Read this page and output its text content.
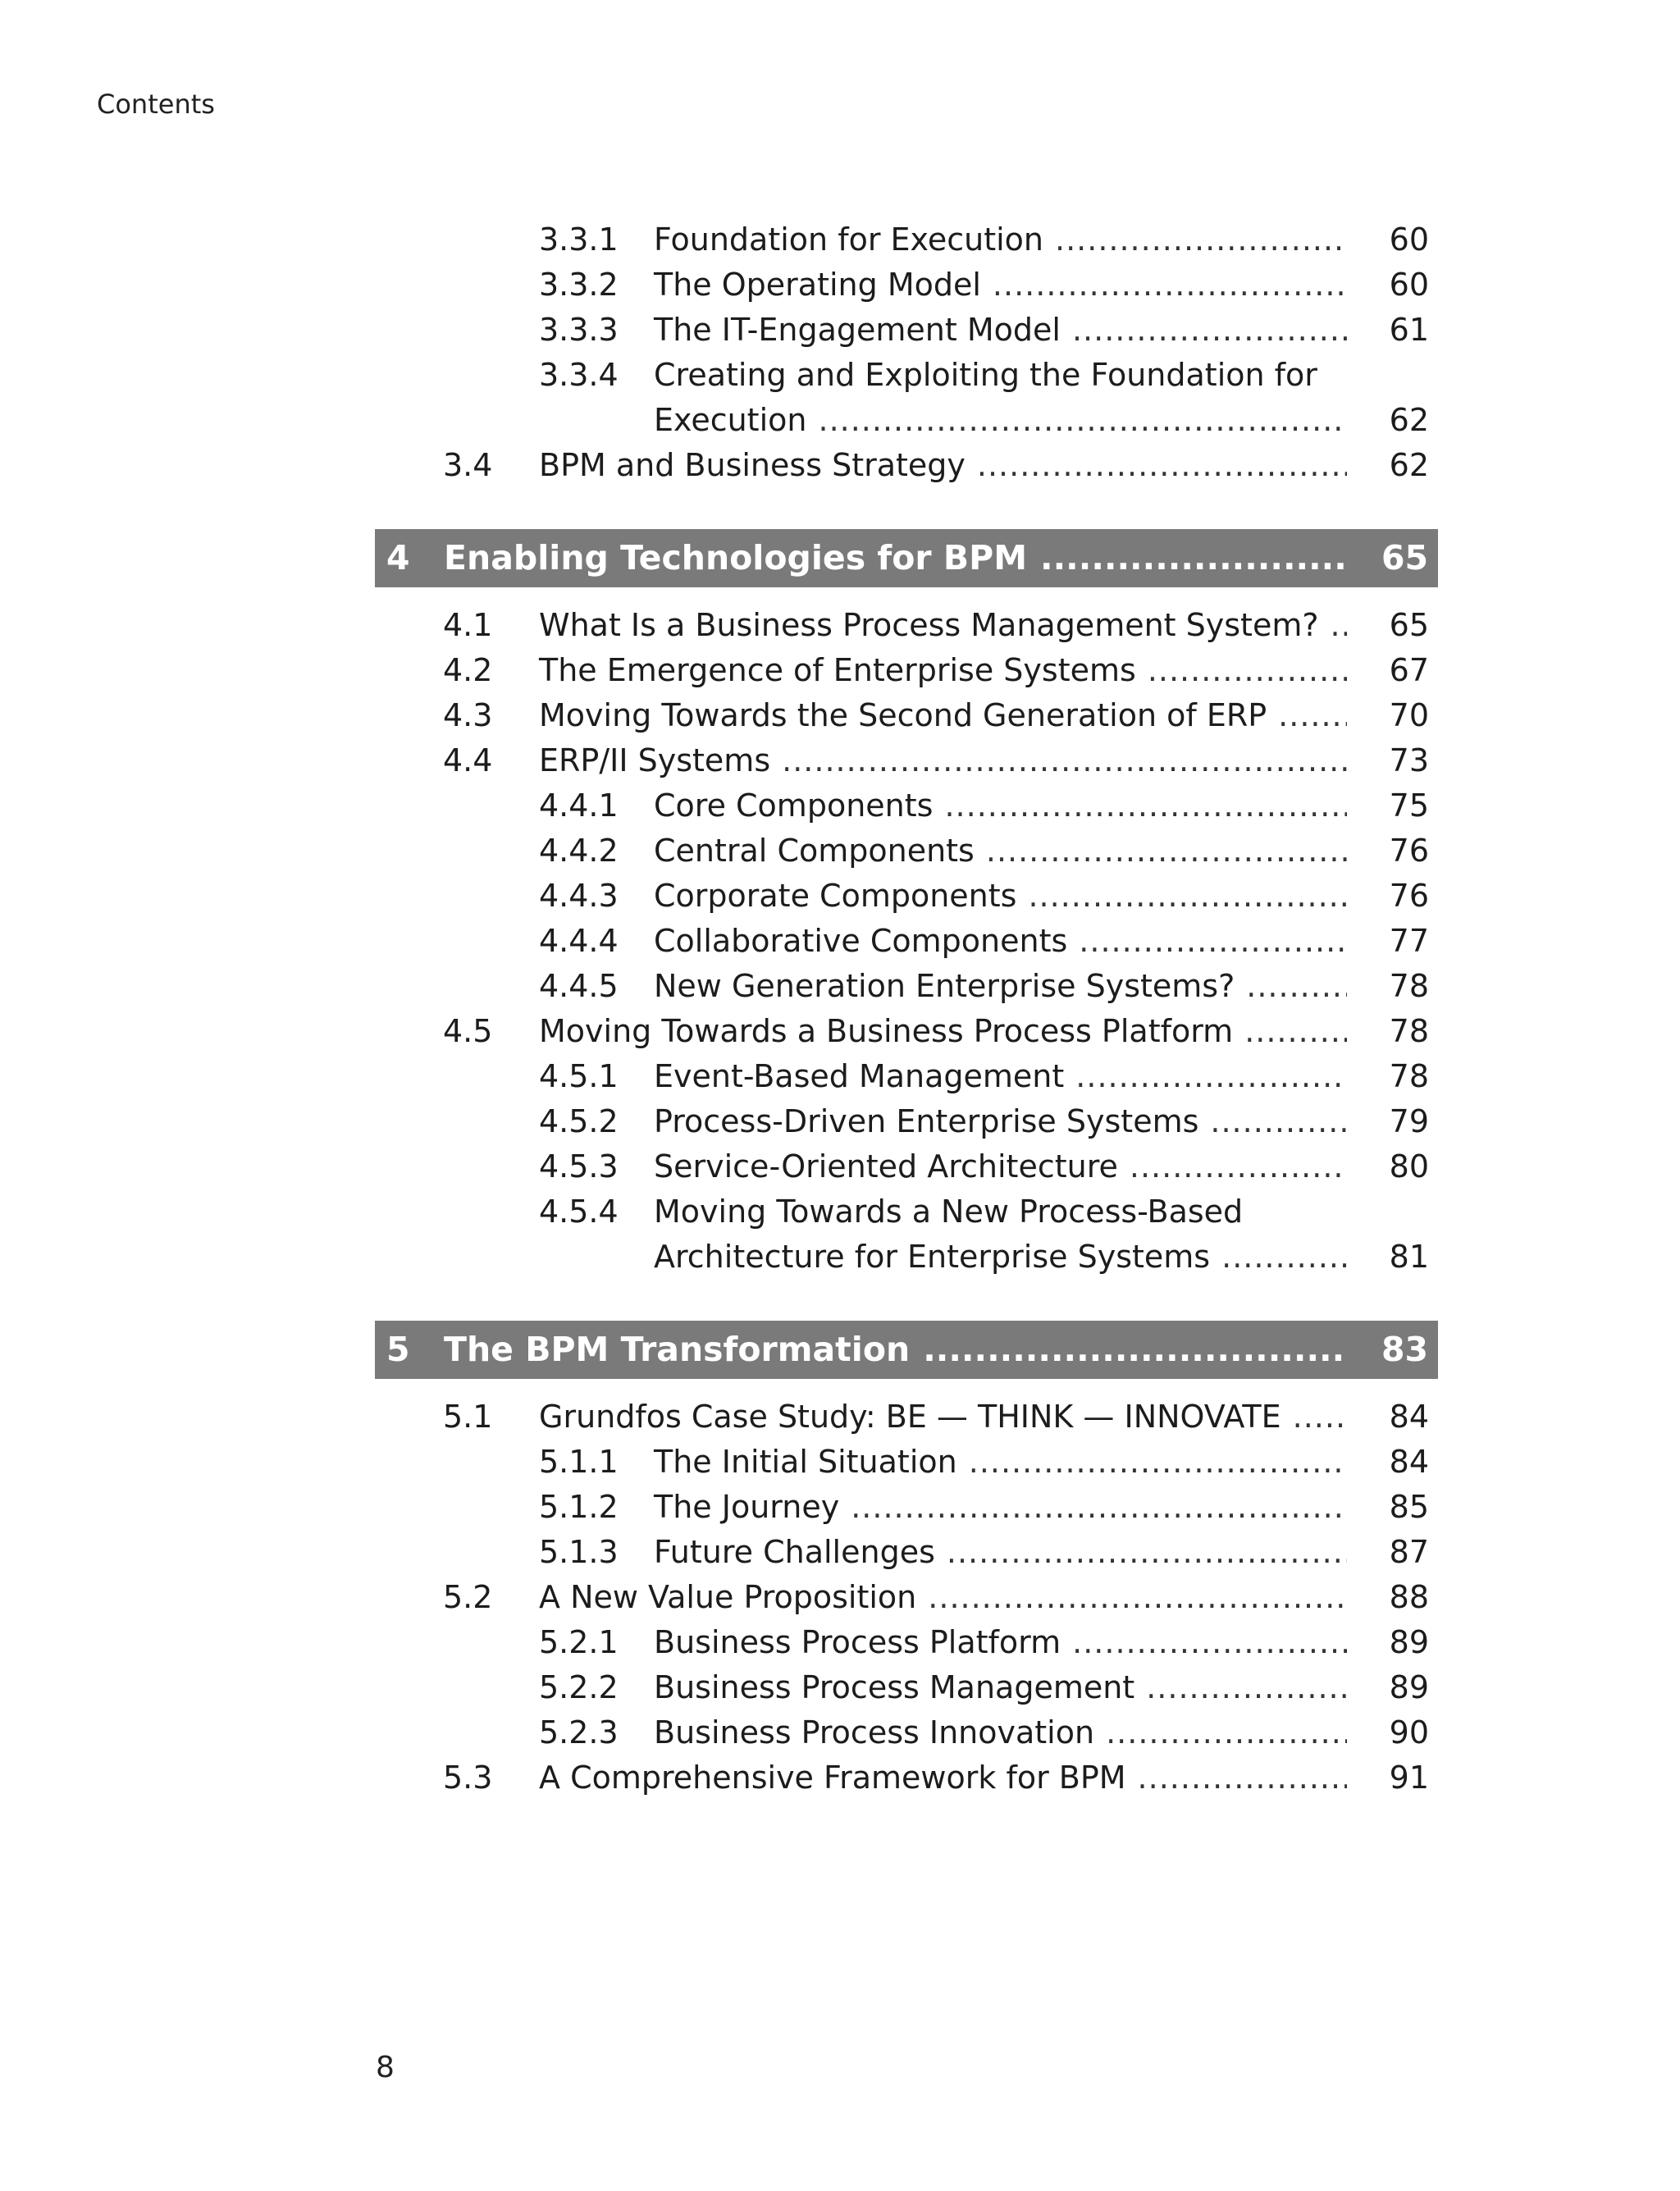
Contents
3.3.1 Foundation for Execution .....	60
3.3.2 The Operating Model .....	60
3.3.3 The IT-Engagement Model .....	61
3.3.4 Creating and Exploiting the Foundation for
Execution .....	62
3.4 BPM and Business Strategy .....	62
4 Enabling Technologies for BPM .....	65
4.1 What Is a Business Process Management System? ..... 65
4.2 The Emergence of Enterprise Systems .....	67
4.3 Moving Towards the Second Generation of ERP .....	70
4.4 ERP/II Systems .....	73
4.4.1 Core Components .....	75
4.4.2 Central Components .....	76
4.4.3 Corporate Components .....	76
4.4.4 Collaborative Components .....	77
4.4.5 New Generation Enterprise Systems? .....	78
4.5 Moving Towards a Business Process Platform .....	78
4.5.1 Event-Based Management .....	78
4.5.2 Process-Driven Enterprise Systems .....	79
4.5.3 Service-Oriented Architecture .....	80
4.5.4 Moving Towards a New Process-Based
Architecture for Enterprise Systems .....	81
5 The BPM Transformation .....	83
5.1 Grundfos Case Study: BE — THINK — INNOVATE .....	84
5.1.1 The Initial Situation .....	84
5.1.2 The Journey .....	85
5.1.3 Future Challenges .....	87
5.2 A New Value Proposition .....	88
5.2.1 Business Process Platform .....	89
5.2.2 Business Process Management .....	89
5.2.3 Business Process Innovation .....	90
5.3 A Comprehensive Framework for BPM .....	91
8
